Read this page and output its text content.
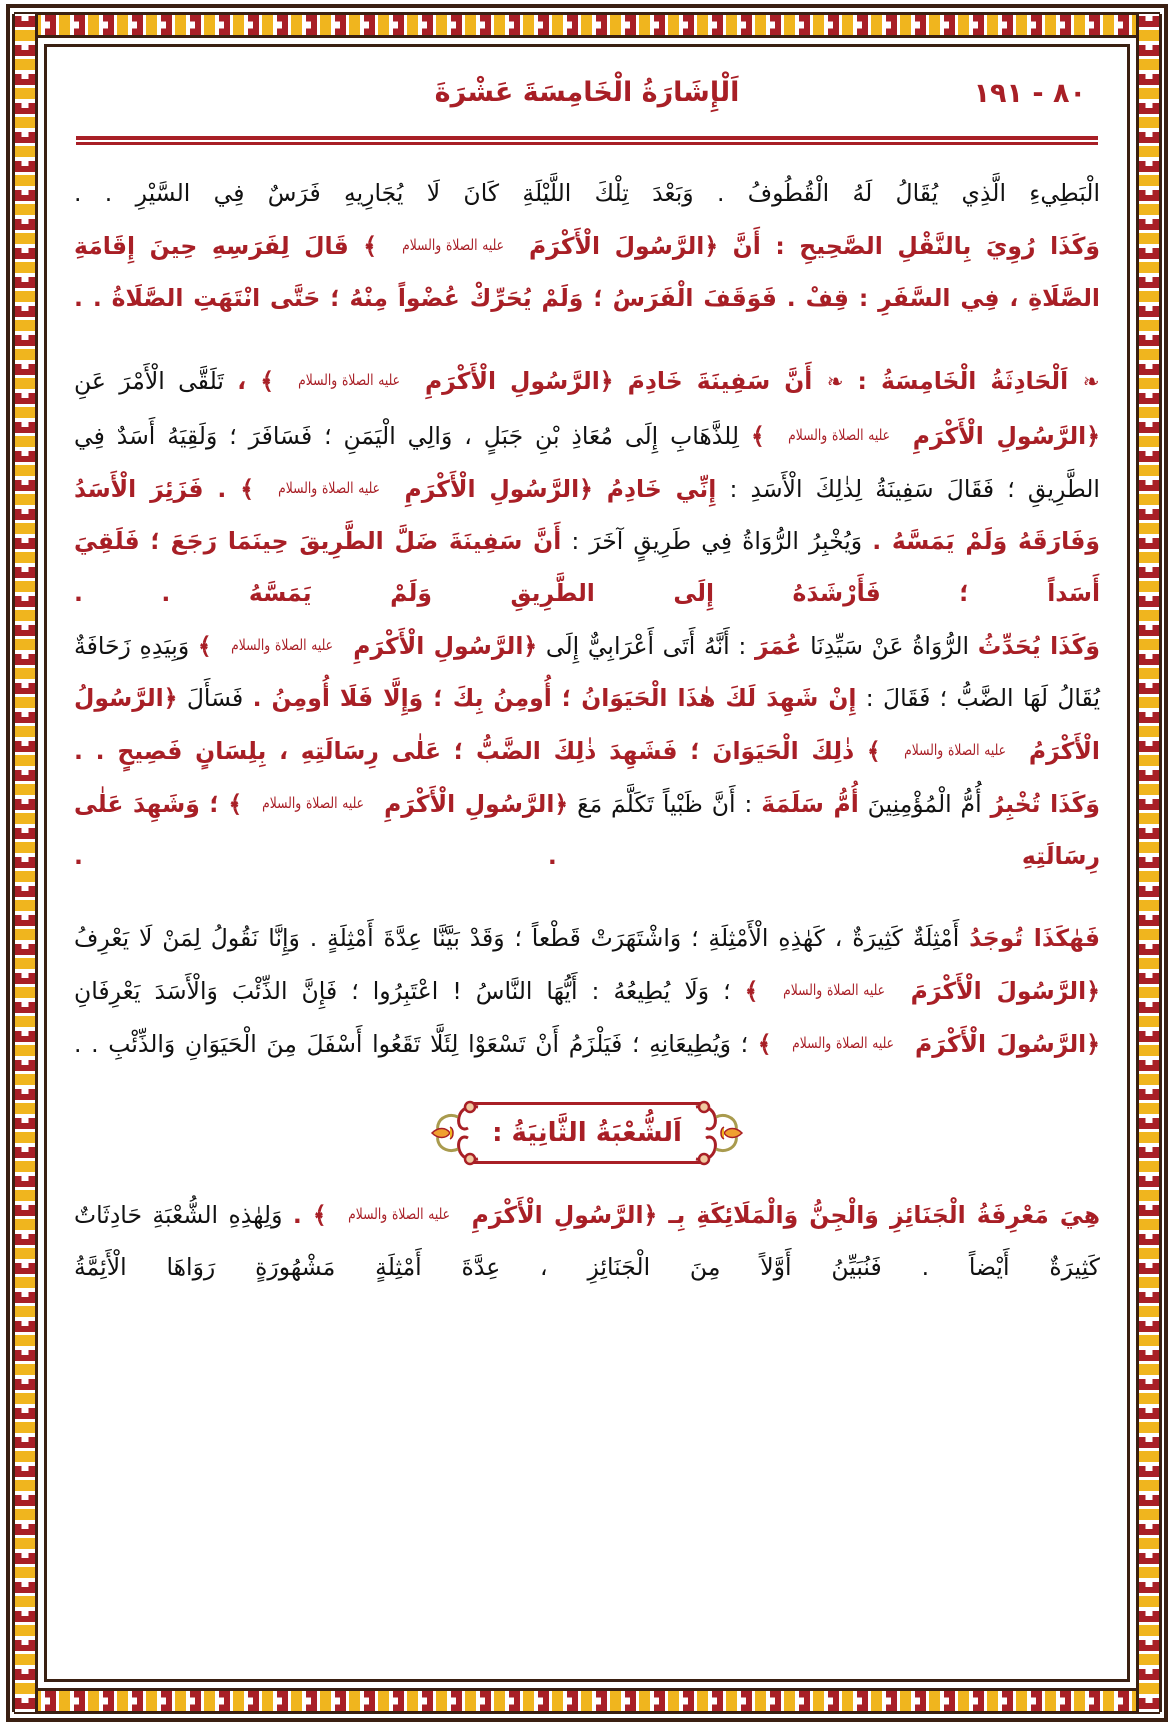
اَلْإِشَارَةُ الْخَامِسَةَ عَشْرَةَ	٨٠ - ١٩١

الْبَطِيءِ الَّذِي يُقَالُ لَهُ الْقُطُوفُ . وَبَعْدَ تِلْكَ اللَّيْلَةِ كَانَ لَا يُجَارِيهِ فَرَسٌ فِي السَّيْرِ . .

وَكَذَا رُوِيَ بِالنَّقْلِ الصَّحِيحِ : أَنَّ ﴿الرَّسُولَ الْأَكْرَمَ عليه الصلاة والسلام ﴾ قَالَ لِفَرَسِهِ حِينَ إِقَامَةِ الصَّلَاةِ ، فِي السَّفَرِ : قِفْ . فَوَقَفَ الْفَرَسُ ؛ وَلَمْ يُحَرِّكْ عُضْواً مِنْهُ ؛ حَتَّى انْتَهَتِ الصَّلَاةُ . .

❧ اَلْحَادِثَةُ الْخَامِسَةُ : ❧ أَنَّ سَفِينَةَ خَادِمَ ﴿الرَّسُولِ الْأَكْرَمِ عليه الصلاة والسلام ﴾ ، تَلَقَّى الْأَمْرَ عَنِ ﴿الرَّسُولِ الْأَكْرَمِ عليه الصلاة والسلام ﴾ لِلذَّهَابِ إِلَى مُعَاذِ بْنِ جَبَلٍ ، وَالِي الْيَمَنِ ؛ فَسَافَرَ ؛ وَلَقِيَهُ أَسَدٌ فِي الطَّرِيقِ ؛ فَقَالَ سَفِينَةُ لِذٰلِكَ الْأَسَدِ : إِنِّي خَادِمُ ﴿الرَّسُولِ الْأَكْرَمِ عليه الصلاة والسلام ﴾ . فَزَئِرَ الْأَسَدُ وَفَارَقَهُ وَلَمْ يَمَسَّهُ . وَيُخْبِرُ الرُّوَاةُ فِي طَرِيقٍ آخَرَ : أَنَّ سَفِينَةَ ضَلَّ الطَّرِيقَ حِينَمَا رَجَعَ ؛ فَلَقِيَ أَسَداً ؛ فَأَرْشَدَهُ إِلَى الطَّرِيقِ وَلَمْ يَمَسَّهُ . .

وَكَذَا يُحَدِّثُ الرُّوَاةُ عَنْ سَيِّدِنَا عُمَرَ : أَنَّهُ أَتَى أَعْرَابِيٌّ إِلَى ﴿الرَّسُولِ الْأَكْرَمِ عليه الصلاة والسلام ﴾ وَبِيَدِهِ زَحَافَةٌ يُقَالُ لَهَا الضَّبُّ ؛ فَقَالَ : إِنْ شَهِدَ لَكَ هٰذَا الْحَيَوَانُ ؛ أُومِنُ بِكَ ؛ وَإِلَّا فَلَا أُومِنُ . فَسَأَلَ ﴿الرَّسُولُ الْأَكْرَمُ عليه الصلاة والسلام ﴾ ذٰلِكَ الْحَيَوَانَ ؛ فَشَهِدَ ذٰلِكَ الضَّبُّ ؛ عَلٰى رِسَالَتِهِ ، بِلِسَانٍ فَصِيحٍ . .

وَكَذَا تُخْبِرُ أُمُّ الْمُؤْمِنِينَ أُمُّ سَلَمَةَ : أَنَّ ظَبْياً تَكَلَّمَ مَعَ ﴿الرَّسُولِ الْأَكْرَمِ عليه الصلاة والسلام ﴾ ؛ وَشَهِدَ عَلٰى رِسَالَتِهِ . .

فَهٰكَذَا تُوجَدُ أَمْثِلَةٌ كَثِيرَةٌ ، كَهٰذِهِ الْأَمْثِلَةِ ؛ وَاشْتَهَرَتْ قَطْعاً ؛ وَقَدْ بَيَّنَّا عِدَّةَ أَمْثِلَةٍ . وَإِنَّا نَقُولُ لِمَنْ لَا يَعْرِفُ ﴿الرَّسُولَ الْأَكْرَمَ عليه الصلاة والسلام ﴾ ؛ وَلَا يُطِيعُهُ : أَيُّهَا النَّاسُ ! اعْتَبِرُوا ؛ فَإِنَّ الذِّئْبَ وَالْأَسَدَ يَعْرِفَانِ ﴿الرَّسُولَ الْأَكْرَمَ عليه الصلاة والسلام ﴾ ؛ وَيُطِيعَانِهِ ؛ فَيَلْزَمُ أَنْ تَسْعَوْا لِئَلَّا تَقَعُوا أَسْفَلَ مِنَ الْحَيَوَانِ وَالذِّئْبِ . .

اَلشُّعْبَةُ الثَّانِيَةُ :

هِيَ مَعْرِفَةُ الْجَنَائِزِ وَالْجِنُّ وَالْمَلَائِكَةِ بِـ ﴿الرَّسُولِ الْأَكْرَمِ عليه الصلاة والسلام ﴾ . وَلِهٰذِهِ الشُّعْبَةِ حَادِثَاتٌ كَثِيرَةٌ أَيْضاً . فَنُبَيِّنُ أَوَّلاً مِنَ الْجَنَائِزِ ، عِدَّةَ أَمْثِلَةٍ مَشْهُورَةٍ رَوَاهَا الْأَئِمَّةُ
